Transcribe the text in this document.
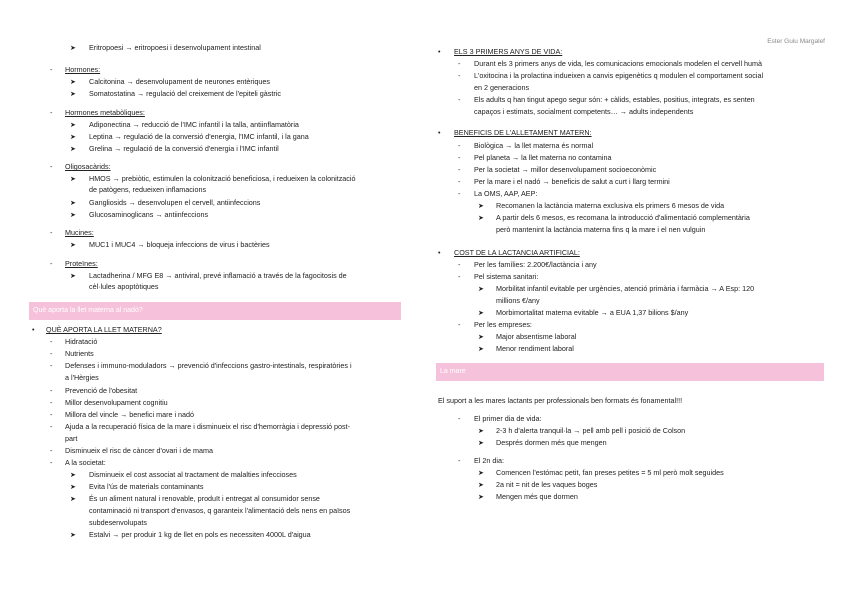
Ester Guiu Margalef
➤ Eritropoesi → eritropoesi i desenvolupament intestinal
- Hormones:
➤ Calcitonina → desenvolupament de neurones entèriques
➤ Somatostatina → regulació del creixement de l'epiteli gàstric
- Hormones metabòliques:
➤ Adiponectina → reducció de l'IMC infantil i la talla, antiinflamatòria
➤ Leptina → regulació de la conversió d'energia, l'IMC infantil, i la gana
➤ Grelina → regulació de la conversió d'energia i l'IMC infantil
- Oligosacàrids:
➤ HMOS → prebiòtic, estimulen la colonització beneficiosa, i redueixen la colonització
de patògens, redueixen inflamacions
➤ Gangliosids → desenvolupen el cervell, antiinfeccions
➤ Glucosaminoglicans → antiinfeccions
- Mucines:
➤ MUC1 i MUC4 → bloqueja infeccions de virus i bactèries
- Proteïnes:
➤ Lactadherina / MFG E8 → antiviral, prevé inflamació a través de la fagocitosis de
cèl·lules apoptòtiques
Què aporta la llet materna al nadó?
• QUÈ APORTA LA LLET MATERNA?
- Hidratació
- Nutrients
- Defenses i immuno-moduladors → prevenció d'infeccions gastro-intestinals, respiratòries i
a l'Hèrgies
- Prevenció de l'obesitat
- Millor desenvolupament cognitiu
- Millora del vincle → benefici mare i nadó
- Ajuda a la recuperació física de la mare i disminueix el risc d'hemorràgia i depressió post-
part
- Disminueix el risc de càncer d'ovari i de mama
- A la societat:
➤ Disminueix el cost associat al tractament de malalties infeccioses
➤ Evita l'ús de materials contaminants
➤ És un aliment natural i renovable, produït i entregat al consumidor sense
contaminació ni transport d'envasos, q garanteix l'alimentació dels nens en països
subdesenvolupats
➤ Estalvi → per produir 1 kg de llet en pols es necessiten 4000L d'aigua
• ELS 3 PRIMERS ANYS DE VIDA:
- Durant els 3 primers anys de vida, les comunicacions emocionals modelen el cervell humà
- L'oxitocina i la prolactina indueixen a canvis epigenètics q modulen el comportament social
en 2 generacions
- Els adults q han tingut apego segur són: + càlids, estables, positius, integrats, es senten
capaços i estimats, socialment competents… → adults independents
• BENEFICIS DE L'ALLETAMENT MATERN:
- Biològica → la llet materna és normal
- Pel planeta → la llet materna no contamina
- Per la societat → millor desenvolupament socioeconòmic
- Per la mare i el nadó → beneficis de salut a curt i llarg termini
- La OMS, AAP, AEP:
➤ Recomanen la lactància materna exclusiva els primers 6 mesos de vida
➤ A partir dels 6 mesos, es recomana la introducció d'alimentació complementària
però mantenint la lactància materna fins q la mare i el nen vulguin
• COST DE LA LACTANCIA ARTIFICIAL:
- Per les famílies: 2.200€/lactància i any
- Pel sistema sanitari:
➤ Morbilitat infantil evitable per urgències, atenció primària i farmàcia → A Esp: 120
millions €/any
➤ Morbimortalitat materna evitable → a EUA 1,37 bilions $/any
- Per les empreses:
➤ Major absentisme laboral
➤ Menor rendiment laboral
La mare
El suport a les mares lactants per professionals ben formats és fonamental!!!
- El primer dia de vida:
➤ 2-3 h d'alerta tranquil·la → pell amb pell i posició de Colson
➤ Després dormen més que mengen
- El 2n dia:
➤ Comencen l'estómac petit, fan preses petites = 5 ml però molt seguides
➤ 2a nit = nit de les vaques boges
➤ Mengen més que dormen
